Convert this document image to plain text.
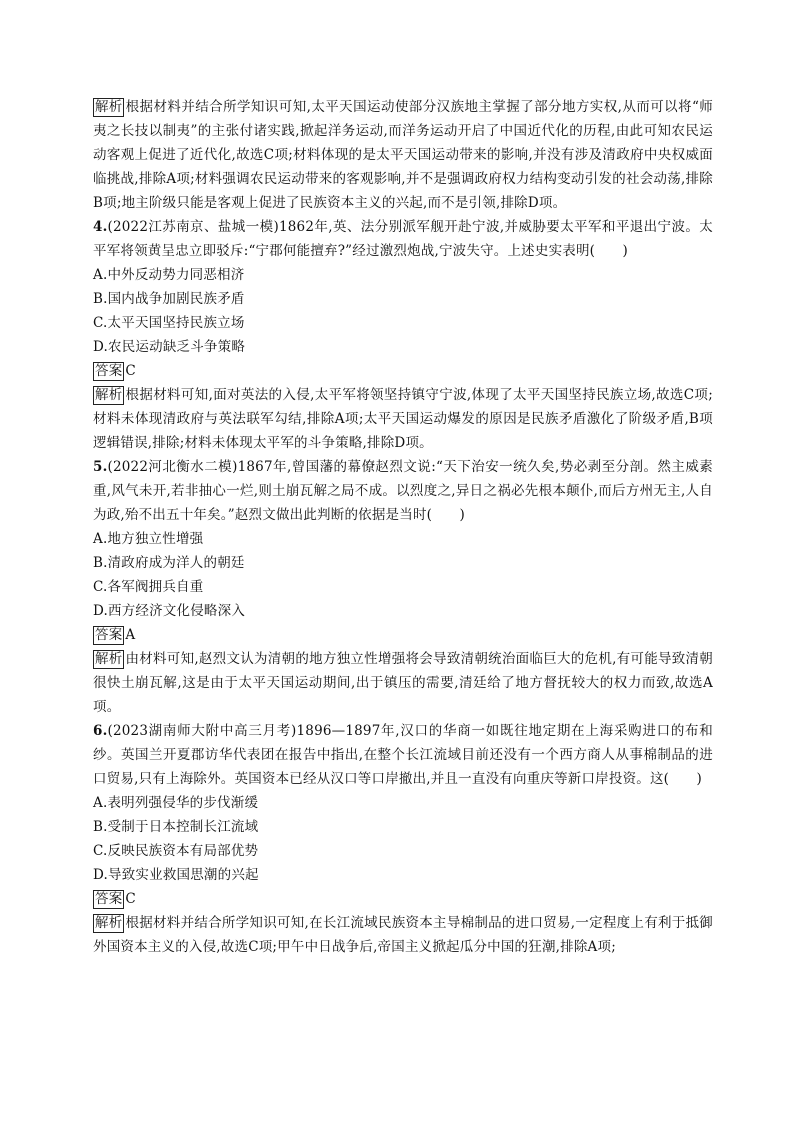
解析 根据材料并结合所学知识可知,太平天国运动使部分汉族地主掌握了部分地方实权,从而可以将“师夷之长技以制夷”的主张付诸实践,掀起洋务运动,而洋务运动开启了中国近代化的历程,由此可知农民运动客观上促进了近代化,故选C项;材料体现的是太平天国运动带来的影响,并没有涉及清政府中央权威面临挑战,排除A项;材料强调农民运动带来的客观影响,并不是强调政府权力结构变动引发的社会动荡,排除B项;地主阶级只能是客观上促进了民族资本主义的兴起,而不是引领,排除D项。

4.(2022江苏南京、盐城一模)1862年,英、法分别派军舰开赴宁波,并威胁要太平军和平退出宁波。太平军将领黄呈忠立即驳斥:“宁郡何能擅弃?”经过激烈炮战,宁波失守。上述史实表明(　　)

A.中外反动势力同恶相济

B.国内战争加剧民族矛盾

C.太平天国坚持民族立场

D.农民运动缺乏斗争策略

答案 C

解析 根据材料可知,面对英法的入侵,太平军将领坚持镇守宁波,体现了太平天国坚持民族立场,故选C项;材料未体现清政府与英法联军勾结,排除A项;太平天国运动爆发的原因是民族矛盾激化了阶级矛盾,B项逻辑错误,排除;材料未体现太平军的斗争策略,排除D项。

5.(2022河北衡水二模)1867年,曾国藩的幕僚赵烈文说:“天下治安一统久矣,势必剥至分剖。然主威素重,风气未开,若非抽心一烂,则土崩瓦解之局不成。以烈度之,异日之祸必先根本颠仆,而后方州无主,人自为政,殆不出五十年矣。”赵烈文做出此判断的依据是当时(　　)

A.地方独立性增强

B.清政府成为洋人的朝廷

C.各军阀拥兵自重

D.西方经济文化侵略深入

答案 A

解析 由材料可知,赵烈文认为清朝的地方独立性增强将会导致清朝统治面临巨大的危机,有可能导致清朝很快土崩瓦解,这是由于太平天国运动期间,出于镇压的需要,清廷给了地方督抚较大的权力而致,故选A项。

6.(2023湖南师大附中高三月考)1896—1897年,汉口的华商一如既往地定期在上海采购进口的布和纱。英国兰开夏郡访华代表团在报告中指出,在整个长江流域目前还没有一个西方商人从事棉制品的进口贸易,只有上海除外。英国资本已经从汉口等口岸撤出,并且一直没有向重庆等新口岸投资。这(　　)

A.表明列强侵华的步伐渐缓

B.受制于日本控制长江流域

C.反映民族资本有局部优势

D.导致实业救国思潮的兴起

答案 C

解析 根据材料并结合所学知识可知,在长江流域民族资本主导棉制品的进口贸易,一定程度上有利于抵御外国资本主义的入侵,故选C项;甲午中日战争后,帝国主义掀起瓜分中国的狂潮,排除A项;
